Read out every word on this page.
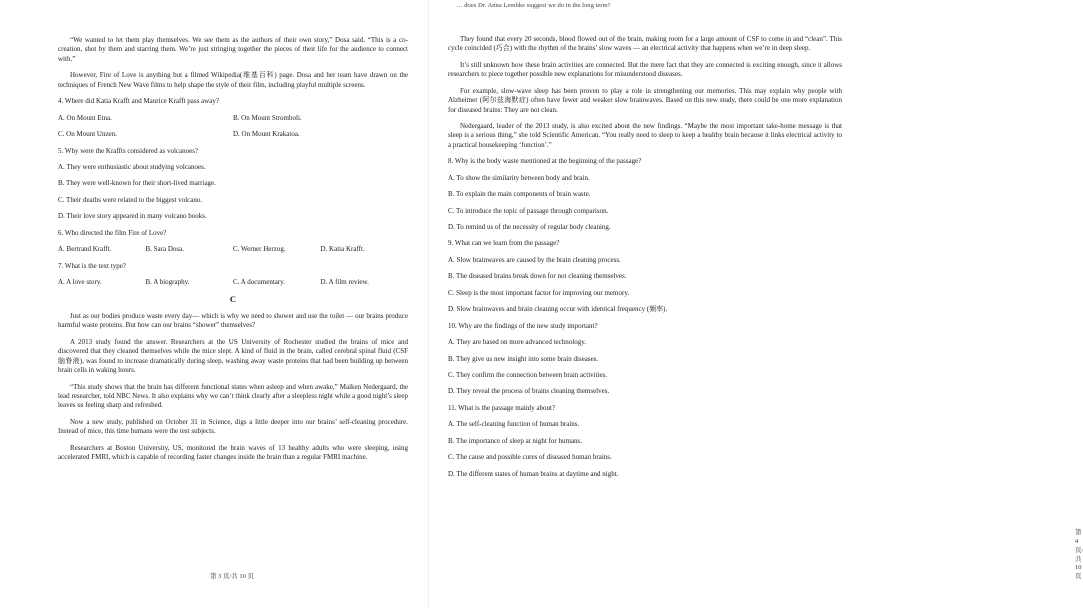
“We wanted to let them play themselves. We see them as the authors of their own story,” Dosa said. “This is a co-creation, shot by them and starring them. We’re just stringing together the pieces of their life for the audience to connect with.”

However, Fire of Love is anything but a filmed Wikipedia(维基百科) page. Dosa and her team have drawn on the techniques of French New Wave films to help shape the style of their film, including playful multiple screens.

4. Where did Katia Krafft and Maurice Krafft pass away?
A. On Mount Etna.	B. On Mount Stromboli.
C. On Mount Unzen.	D. On Mount Krakatoa.
5. Why were the Kraffts considered as volcanoes?
A. They were enthusiastic about studying volcanoes.
B. They were well-known for their short-lived marriage.
C. Their deaths were related to the biggest volcano.
D. Their love story appeared in many volcano books.
6. Who directed the film Fire of Love?
A. Bertrand Krafft.	B. Sara Dosa.	C. Werner Herzog.	D. Katia Krafft.
7. What is the text type?
A. A love story.	B. A biography.	C. A documentary.	D. A film review.
C

Just as our bodies produce waste every day— which is why we need to shower and use the toilet — our brains produce harmful waste proteins. But how can our brains “shower” themselves?

A 2013 study found the answer. Researchers at the US University of Rochester studied the brains of mice and discovered that they cleaned themselves while the mice slept. A kind of fluid in the brain, called cerebral spinal fluid (CSF 脑脊液), was found to increase dramatically during sleep, washing away waste proteins that had been building up between brain cells in waking hours.

“This study shows that the brain has different functional states when asleep and when awake,” Maiken Nedergaard, the lead researcher, told NBC News. It also explains why we can’t think clearly after a sleepless night while a good night’s sleep leaves us feeling sharp and refreshed.

Now a new study, published on October 31 in Science, digs a little deeper into our brains’ self-cleaning procedure. Instead of mice, this time humans were the test subjects.

Researchers at Boston University, US, monitored the brain waves of 13 healthy adults who were sleeping, using accelerated FMRI, which is capable of recording faster changes inside the brain than a regular FMRI machine.

第 3 页/共 10 页
… does Dr. Anna Lembke suggest we do in the long term?

They found that every 20 seconds, blood flowed out of the brain, making room for a large amount of CSF to come in and “clean”. This cycle coincided (巧合) with the rhythm of the brains’ slow waves — an electrical activity that happens when we’re in deep sleep.

It’s still unknown how these brain activities are connected. But the mere fact that they are connected is exciting enough, since it allows researchers to piece together possible new explanations for misunderstood diseases.

For example, slow-wave sleep has been proven to play a role in strengthening our memories. This may explain why people with Alzheimer (阿尔兹海默症) often have fewer and weaker slow brainwaves. Based on this new study, there could be one more explanation for diseased brains: They are not clean.

Nedergaard, leader of the 2013 study, is also excited about the new findings. “Maybe the most important take-home message is that sleep is a serious thing,” she told Scientific American. “You really need to sleep to keep a healthy brain because it links electrical activity to a practical housekeeping ‘function’.”

8. Why is the body waste mentioned at the beginning of the passage?
A. To show the similarity between body and brain.
B. To explain the main components of brain waste.
C. To introduce the topic of passage through comparison.
D. To remind us of the necessity of regular body cleaning.
9. What can we learn from the passage?
A. Slow brainwaves are caused by the brain cleaning process.
B. The diseased brains break down for not cleaning themselves.
C. Sleep is the most important factor for improving our memory.
D. Slow brainwaves and brain cleaning occur with identical frequency (频率).
10. Why are the findings of the new study important?
A. They are based on more advanced technology.
B. They give us new insight into some brain diseases.
C. They confirm the connection between brain activities.
D. They reveal the process of brains cleaning themselves.
11. What is the passage mainly about?
A. The self-cleaning function of human brains.
B. The importance of sleep at night for humans.
C. The cause and possible cures of diseased human brains.
D. The different states of human brains at daytime and night.
第 4 页/共 10 页
